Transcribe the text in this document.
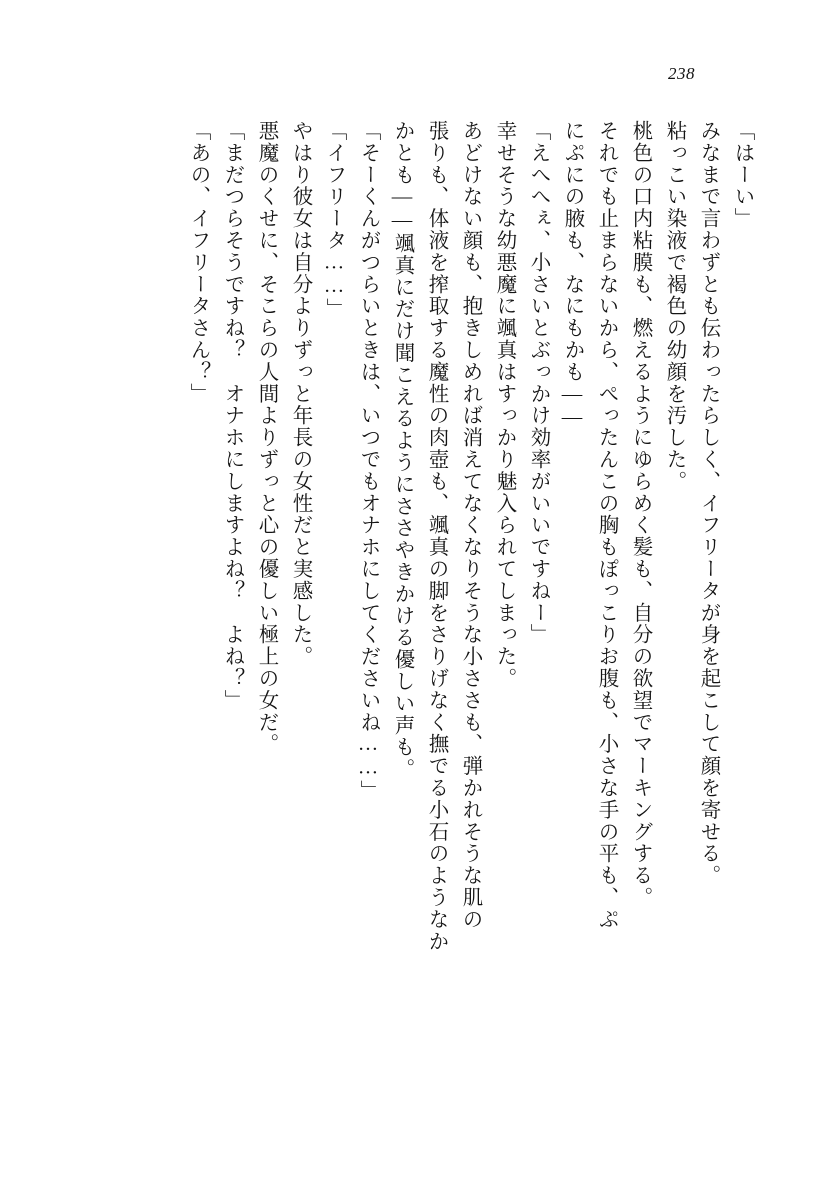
238
「はーい」
みなまで言わずとも伝わったらしく、イフリータが身を起こして顔を寄せる。
粘っこい染液で褐色の幼顔を汚した。
桃色の口内粘膜も、燃えるようにゆらめく髪も、自分の欲望でマーキングする。
それでも止まらないから、ぺったんこの胸もぽっこりお腹も、小さな手の平も、ぷ
にぷにの腋も、なにもかも——
「えへへぇ、小さいとぶっかけ効率がいいですねー」
幸せそうな幼悪魔に颯真はすっかり魅入られてしまった。
あどけない顔も、抱きしめれば消えてなくなりそうな小ささも、弾かれそうな肌の
張りも、体液を搾取する魔性の肉壺も、颯真の脚をさりげなく撫でる小石のようなか
かとも——颯真にだけ聞こえるようにささやきかける優しい声も。
「そーくんがつらいときは、いつでもオナホにしてくださいね……」
「イフリータ……」
やはり彼女は自分よりずっと年長の女性だと実感した。
悪魔のくせに、そこらの人間よりずっと心の優しい極上の女だ。
「まだつらそうですね？　オナホにしますよね？　よね？」
「あの、イフリータさん？」
